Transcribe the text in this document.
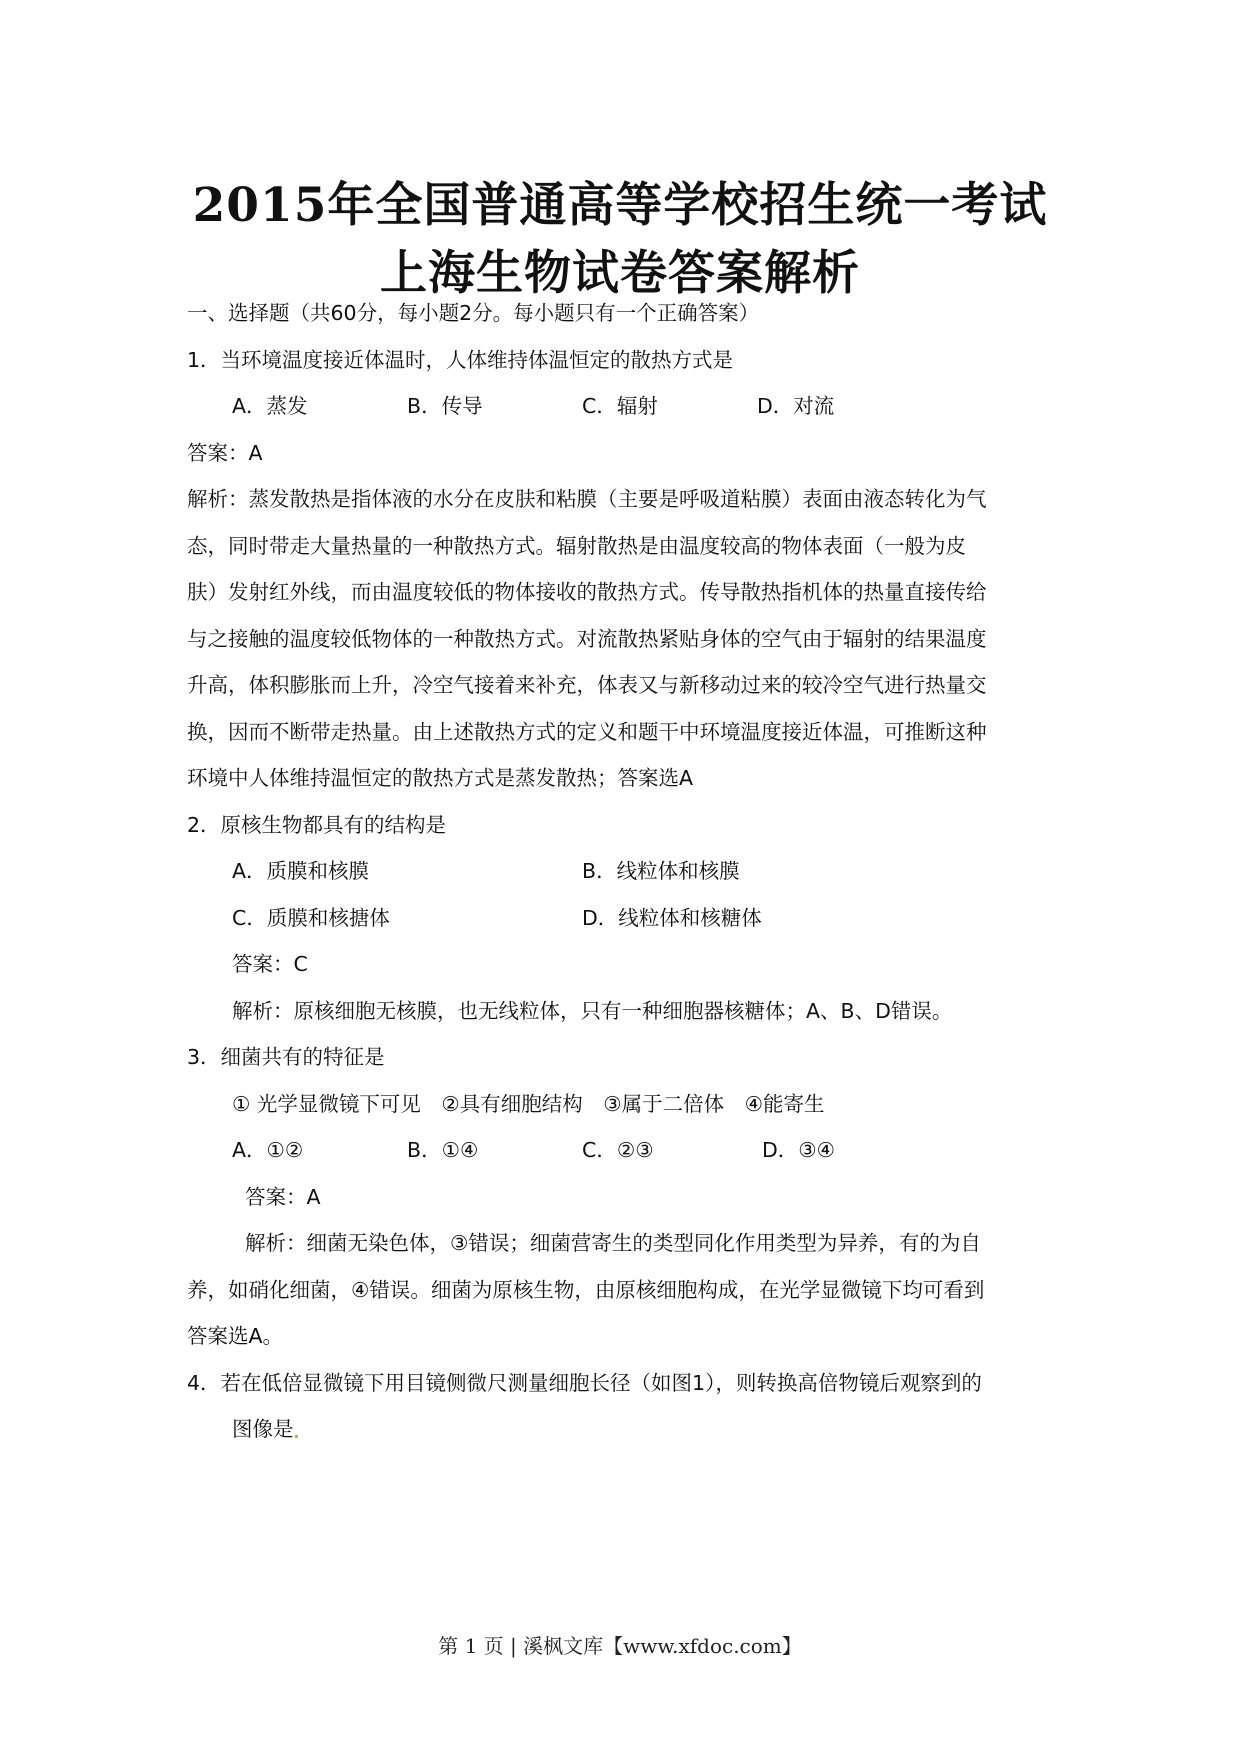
2015年全国普通高等学校招生统一考试
上海生物试卷答案解析
一、选择题（共60分，每小题2分。每小题只有一个正确答案）
1．当环境温度接近体温时，人体维持体温恒定的散热方式是
A．蒸发	B．传导	C．辐射	D．对流
答案：A
解析：蒸发散热是指体液的水分在皮肤和粘膜（主要是呼吸道粘膜）表面由液态转化为气
态，同时带走大量热量的一种散热方式。辐射散热是由温度较高的物体表面（一般为皮
肤）发射红外线，而由温度较低的物体接收的散热方式。传导散热指机体的热量直接传给
与之接触的温度较低物体的一种散热方式。对流散热紧贴身体的空气由于辐射的结果温度
升高，体积膨胀而上升，冷空气接着来补充，体表又与新移动过来的较冷空气进行热量交
换，因而不断带走热量。由上述散热方式的定义和题干中环境温度接近体温，可推断这种
环境中人体维持温恒定的散热方式是蒸发散热；答案选A
2．原核生物都具有的结构是
A．质膜和核膜	B．线粒体和核膜
C．质膜和核搪体	D．线粒体和核糖体
答案：C
解析：原核细胞无核膜，也无线粒体，只有一种细胞器核糖体；A、B、D错误。
3．细菌共有的特征是
① 光学显微镜下可见　②具有细胞结构　③属于二倍体　④能寄生
A．①②	B．①④	C．②③	D．③④
答案：A
解析：细菌无染色体，③错误；细菌营寄生的类型同化作用类型为异养，有的为自
养，如硝化细菌，④错误。细菌为原核生物，由原核细胞构成，在光学显微镜下均可看到
答案选A。
4．若在低倍显微镜下用目镜侧微尺测量细胞长径（如图1），则转换高倍物镜后观察到的
图像是
第 1 页 | 溪枫文库【www.xfdoc.com】
